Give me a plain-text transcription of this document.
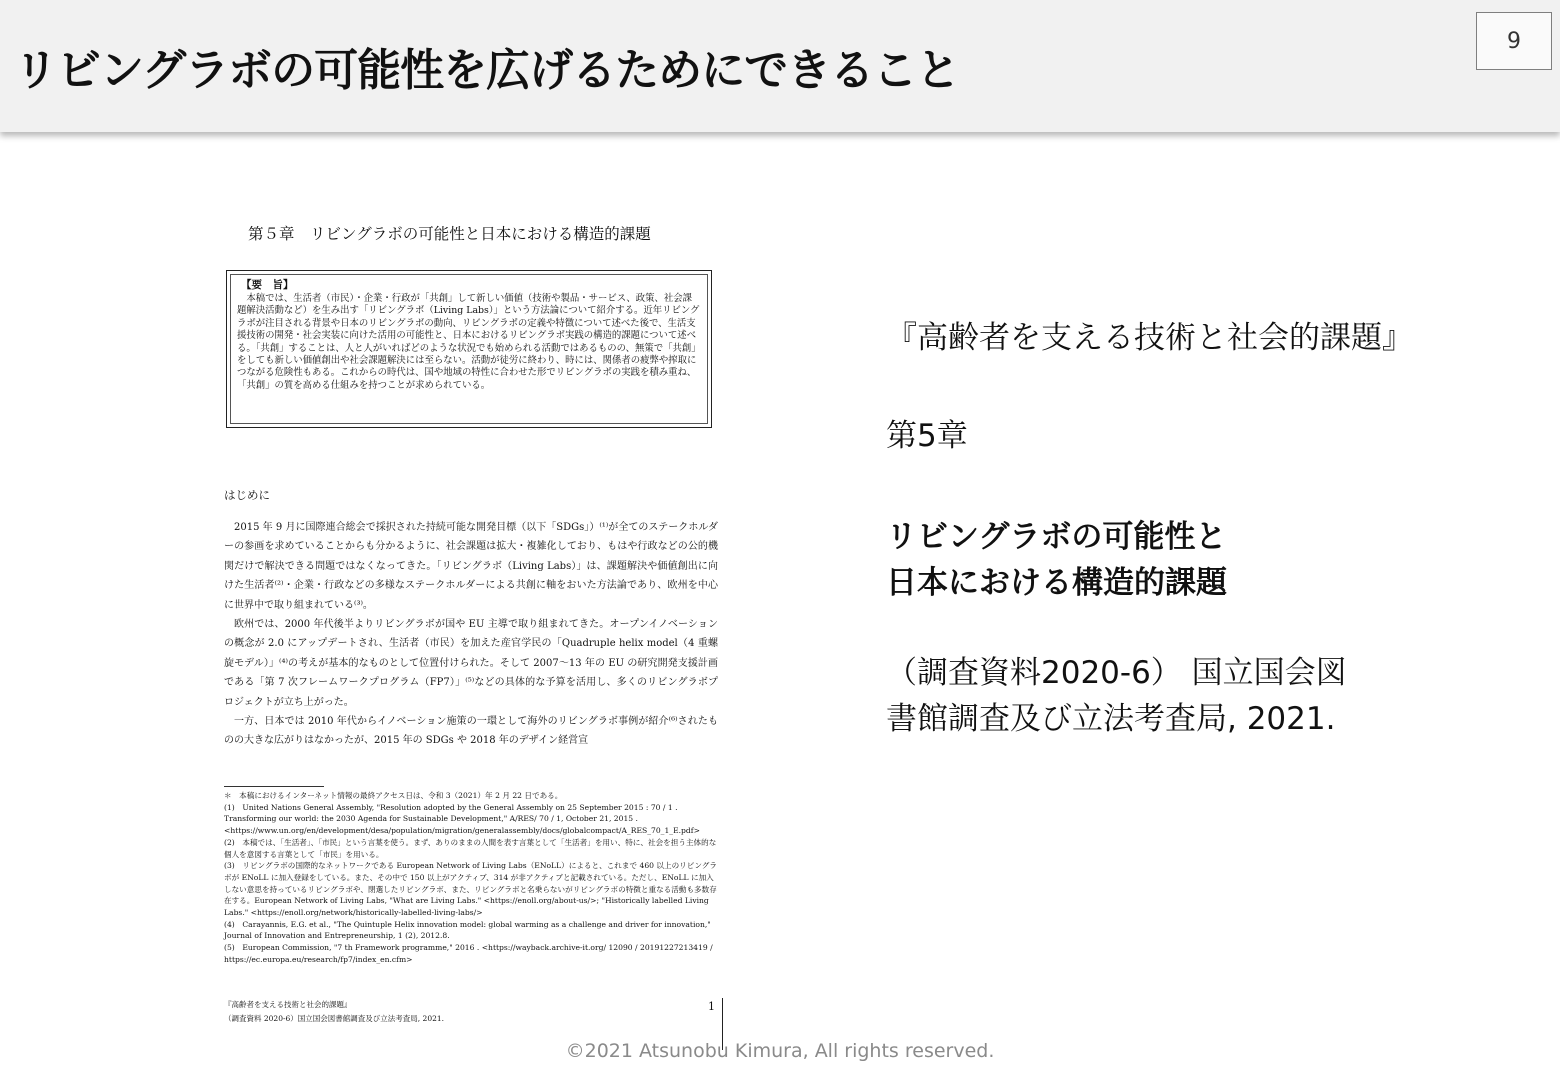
リビングラボの可能性を広げるためにできること
9
第５章　リビングラボの可能性と日本における構造的課題
【要　旨】
本稿では、生活者（市民）・企業・行政が「共創」して新しい価値（技術や製品・サービス、政策、社会課題解決活動など）を生み出す「リビングラボ（Living Labs）」という方法論について紹介する。近年リビングラボが注目される背景や日本のリビングラボの動向、リビングラボの定義や特徴について述べた後で、生活支援技術の開発・社会実装に向けた活用の可能性と、日本におけるリビングラボ実践の構造的課題について述べる。「共創」することは、人と人がいればどのような状況でも始められる活動ではあるものの、無策で「共創」をしても新しい価値創出や社会課題解決には至らない。活動が徒労に終わり、時には、関係者の疲弊や搾取につながる危険性もある。これからの時代は、国や地域の特性に合わせた形でリビングラボの実践を積み重ね、「共創」の質を高める仕組みを持つことが求められている。
はじめに

2015 年 9 月に国際連合総会で採択された持続可能な開発目標（以下「SDGs」）⁽¹⁾が全てのステークホルダーの参画を求めていることからも分かるように、社会課題は拡大・複雑化しており、もはや行政などの公的機関だけで解決できる問題ではなくなってきた。「リビングラボ（Living Labs）」は、課題解決や価値創出に向けた生活者⁽²⁾・企業・行政などの多様なステークホルダーによる共創に軸をおいた方法論であり、欧州を中心に世界中で取り組まれている⁽³⁾。

欧州では、2000 年代後半よりリビングラボが国や EU 主導で取り組まれてきた。オープンイノベーションの概念が 2.0 にアップデートされ、生活者（市民）を加えた産官学民の「Quadruple helix model（4 重螺旋モデル）」⁽⁴⁾の考えが基本的なものとして位置付けられた。そして 2007〜13 年の EU の研究開発支援計画である「第 7 次フレームワークプログラム（FP7）」⁽⁵⁾などの具体的な予算を活用し、多くのリビングラボプロジェクトが立ち上がった。

一方、日本では 2010 年代からイノベーション施策の一環として海外のリビングラボ事例が紹介⁽⁶⁾されたものの大きな広がりはなかったが、2015 年の SDGs や 2018 年のデザイン経営宣

＊　本稿におけるインターネット情報の最終アクセス日は、令和 3（2021）年 2 月 22 日である。
(1)　United Nations General Assembly, "Resolution adopted by the General Assembly on 25 September 2015 : 70 / 1 . Transforming our world: the 2030 Agenda for Sustainable Development," A/RES/ 70 / 1, October 21, 2015 . <https://www.un.org/en/development/desa/population/migration/generalassembly/docs/globalcompact/A_RES_70_1_E.pdf>
(2)　本稿では、「生活者」、「市民」という言葉を使う。まず、ありのままの人間を表す言葉として「生活者」を用い、特に、社会を担う主体的な個人を意図する言葉として「市民」を用いる。
(3)　リビングラボの国際的なネットワークである European Network of Living Labs（ENoLL）によると、これまで 460 以上のリビングラボが ENoLL に加入登録をしている。また、その中で 150 以上がアクティブ、314 が非アクティブと記載されている。ただし、ENoLL に加入しない意思を持っているリビングラボや、閉選したリビングラボ、また、リビングラボと名乗らないがリビングラボの特徴と重なる活動も多数存在する。European Network of Living Labs, "What are Living Labs." <https://enoll.org/about-us/>; "Historically labelled Living Labs." <https://enoll.org/network/historically-labelled-living-labs/>
(4)　Carayannis, E.G. et al., "The Quintuple Helix innovation model: global warming as a challenge and driver for innovation," Journal of Innovation and Entrepreneurship, 1 (2), 2012.8.
(5)　European Commission, "7 th Framework programme," 2016 . <https://wayback.archive-it.org/ 12090 / 20191227213419 / https://ec.europa.eu/research/fp7/index_en.cfm>
『高齢者を支える技術と社会的課題』
（調査資料 2020-6）国立国会図書館調査及び立法考査局, 2021.
1
『高齢者を支える技術と社会的課題』
第5章
リビングラボの可能性と
日本における構造的課題
（調査資料2020-6） 国立国会図
書館調査及び立法考査局, 2021.
©2021 Atsunobu Kimura, All rights reserved.
